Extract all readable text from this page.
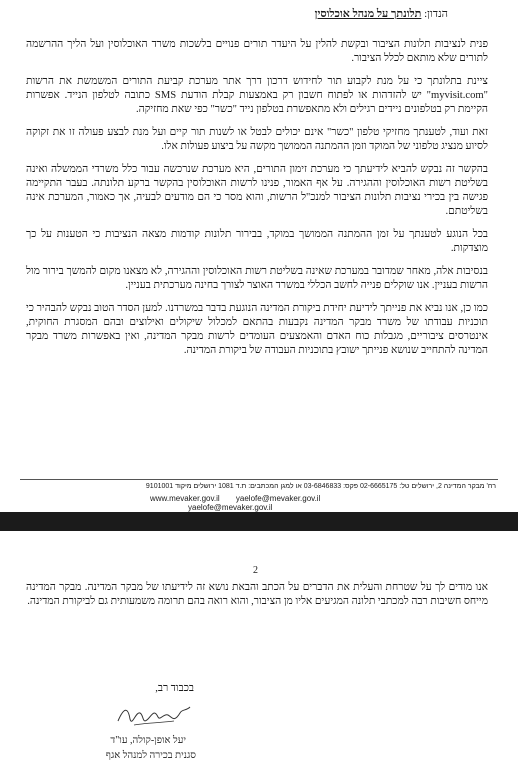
הנדון: תלונתך על מנהל אוכלוסין

פנית לנציבות תלונות הציבור ובקשת להלין על היעדר תורים פנויים בלשכות משרד האוכלוסין ועל הליך ההרשמה לתורים שלא מותאם לכלל הציבור.

ציינת בתלונתך כי על מנת לקבוע תור לחידוש דרכון דרך אתר מערכת קביעת התורים המשמשת את הרשות "myvisit.com" יש להזדהות או לפתוח חשבון רק באמצעות קבלת הודעת SMS כתובה לטלפון הנייד. אפשרות הקיימת רק בטלפונים ניידים רגילים ולא מתאפשרת בטלפון נייד "כשר" כפי שאת מחזיקה.

זאת ועוד, לטענתך מחזיקי טלפון "כשר" אינם יכולים לבטל או לשנות תור קיים ועל מנת לבצע פעולה זו את זקוקה לסיוע מנציג טלפוני של המוקד וזמן ההמתנה הממושך מקשה על ביצוע פעולות אלו.

בהקשר זה נבקש להביא לידיעתך כי מערכת זימון התורים, היא מערכת שנרכשה עבור כלל משרדי הממשלה ואינה בשליטת רשות האוכלוסין וההגירה. על אף האמור, פנינו לרשות האוכלוסין בהקשר ברקע תלונתה. בעבר התקיימה פגישה בין בכירי נציבות תלונות הציבור למנכ"ל הרשות, והוא מסר כי הם מודעים לבעיה, אך כאמור, המערכת אינה בשליטתם.

בכל הנוגע לטענתך על זמן ההמתנה הממושך במוקד, בבירור תלונות קודמות מצאה הנציבות כי הטענות על כך מוצדקות.

בנסיבות אלה, מאחר שמדובר במערכת שאינה בשליטת רשות האוכלוסין וההגירה, לא מצאנו מקום להמשך בירור מול הרשות בעניין. אנו שוקלים פנייה לחשב הכללי במשרד האוצר לצורך בחינה מערכתית בעניין.

כמו כן, אנו נביא את פנייתך לידיעת יחידת ביקורת המדינה הנוגעת בדבר במשרדנו. למען הסדר הטוב נבקש להבהיר כי תוכניות עבודתו של משרד מבקר המדינה נקבעות בהתאם למכלול שיקולים ואילוצים ובהם המסגרת החוקית, אינטרסים ציבוריים, מגבלות כוח האדם והאמצעים העומדים לרשות מבקר המדינה, ואין באפשרות משרד מבקר המדינה להתחייב שנושא פנייתך ישובץ בתוכניות העבודה של ביקורת המדינה.

רח' מבקר המדינה 2, ירושלים טל: 02-6665175 פקס: 03-6846833 או למגן המכתבים: ת.ד 1081 ירושלים מיקוד 9101001
www.mevaker.gov.il yaelofe@mevaker.gov.il
yaelofe@mevaker.gov.il
2

אנו מודים לך על שטרחת והעלית את הדברים על הכתב והבאת נושא זה לידיעתו של מבקר המדינה. מבקר המדינה מייחס חשיבות רבה למכתבי תלונה המגיעים אליו מן הציבור, והוא רואה בהם תרומה משמעותית גם לביקורת המדינה.

בכבוד רב,
יעל אופן-קולה, עו"ד
סגנית בכירה למנהל אגף
